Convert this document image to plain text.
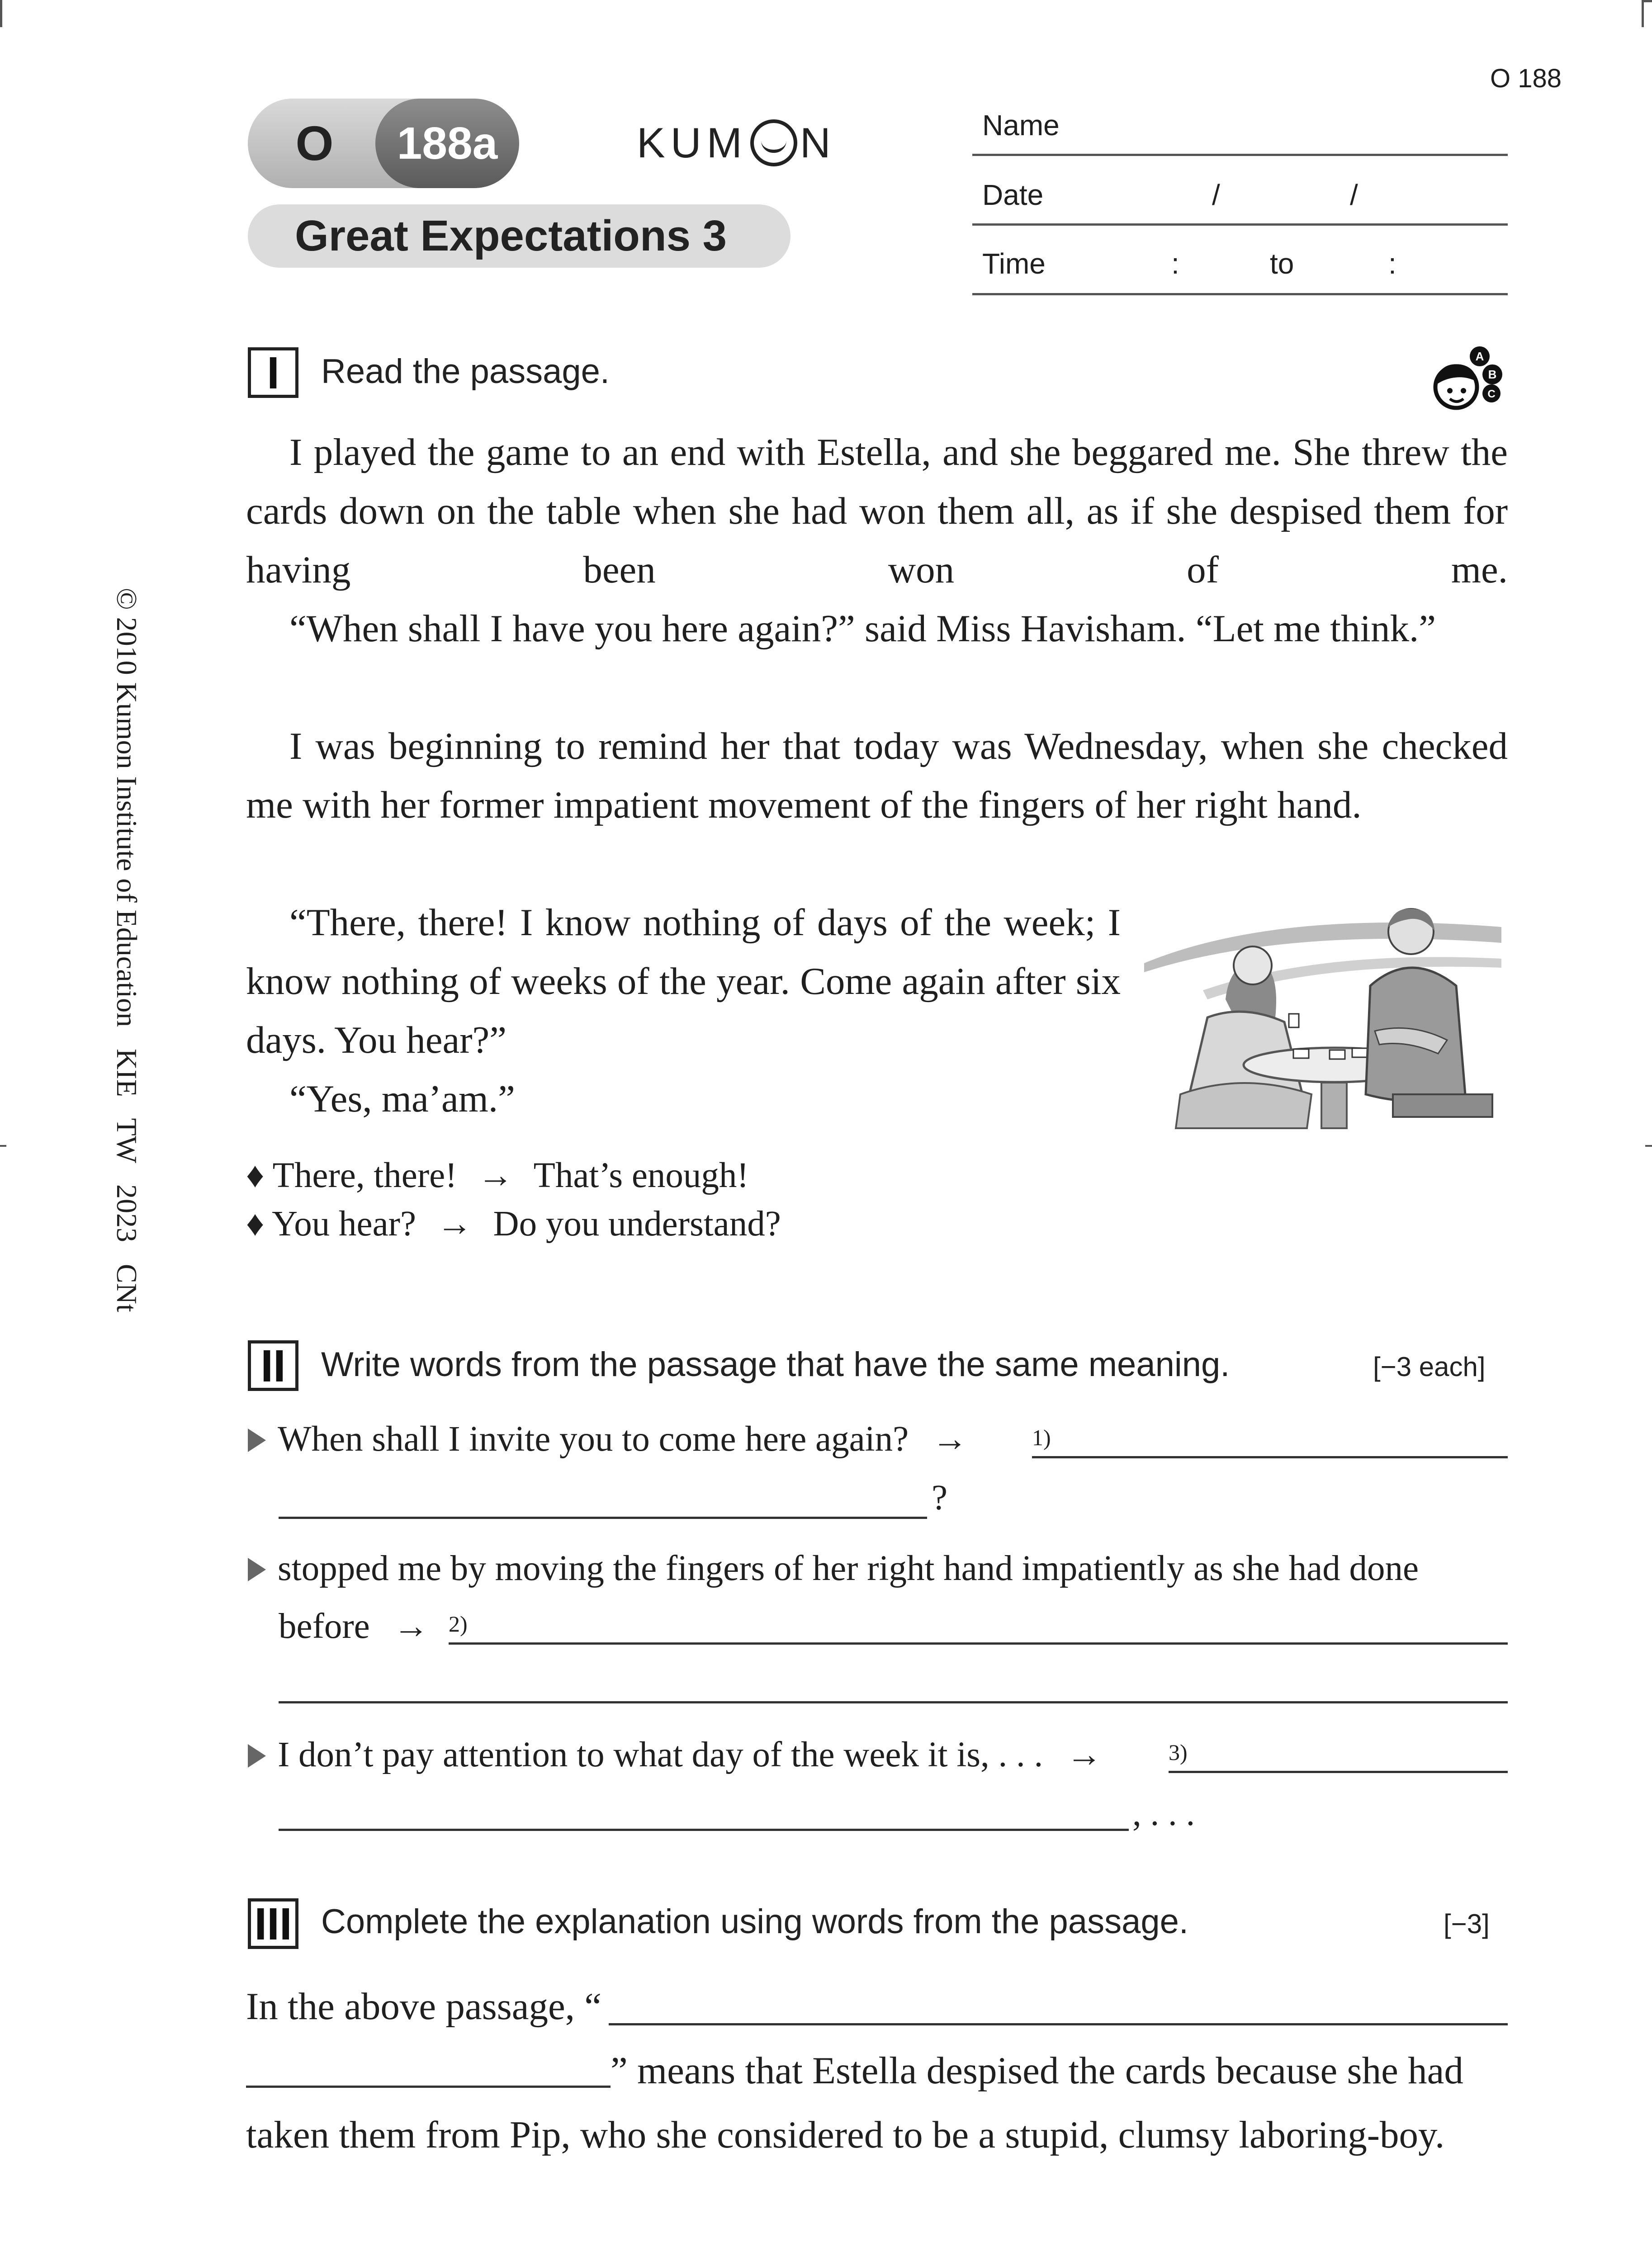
O 188
O	188a	KUM N
Great Expectations 3
Name
Date	/	/
Time	:	to	:
© 2010 Kumon Institute of Education   KIE   TW   2023   CNt
I	Read the passage.	A
B
C

I played the game to an end with Estella, and she beggared me. She threw the cards down on the table when she had won them all, as if she despised them for having been won of me.

“When shall I have you here again?” said Miss Havisham. “Let me think.”

I was beginning to remind her that today was Wednesday, when she checked me with her former impatient movement of the fingers of her right hand.

“There, there! I know nothing of days of the week; I know nothing of weeks of the year. Come again after six days. You hear?”

“Yes, ma’am.”

♦ There, there! → That’s enough!
♦ You hear? → Do you understand?
II	Write words from the passage that have the same meaning.	[−3 each]
When shall I invite you to come here again? →	1)
?
stopped me by moving the fingers of her right hand impatiently as she had done
before → 2)
I don’t pay attention to what day of the week it is, . . . →	3)
, . . .
III Complete the explanation using words from the passage.	[−3]
In the above passage, “
” means that Estella despised the cards because she had
taken them from Pip, who she considered to be a stupid, clumsy laboring-boy.
